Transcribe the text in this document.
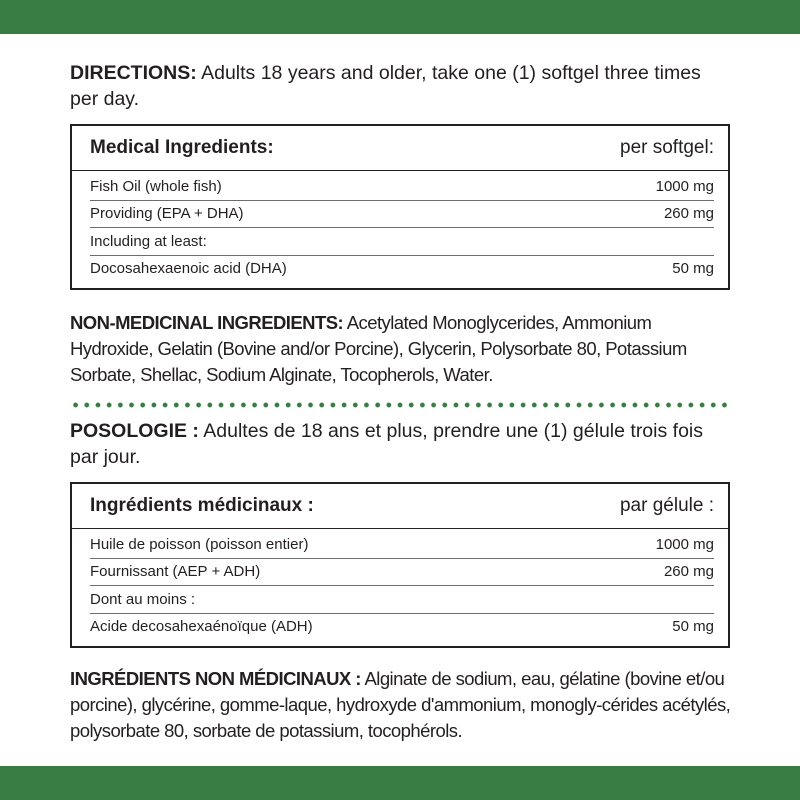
DIRECTIONS: Adults 18 years and older, take one (1) softgel three times per day.

Medical Ingredients:	per softgel:
Fish Oil (whole fish)	1000 mg
Providing (EPA + DHA)	260 mg
Including at least:
Docosahexaenoic acid (DHA)	50 mg

NON-MEDICINAL INGREDIENTS: Acetylated Monoglycerides, Ammonium Hydroxide, Gelatin (Bovine and/or Porcine), Glycerin, Polysorbate 80, Potassium Sorbate, Shellac, Sodium Alginate, Tocopherols, Water.

POSOLOGIE : Adultes de 18 ans et plus, prendre une (1) gélule trois fois par jour.

Ingrédients médicinaux :	par gélule :
Huile de poisson (poisson entier)	1000 mg
Fournissant (AEP + ADH)	260 mg
Dont au moins :
Acide decosahexaénoïque (ADH)	50 mg

INGRÉDIENTS NON MÉDICINAUX : Alginate de sodium, eau, gélatine (bovine et/ou porcine), glycérine, gomme-laque, hydroxyde d'ammonium, monogly-cérides acétylés, polysorbate 80, sorbate de potassium, tocophérols.
